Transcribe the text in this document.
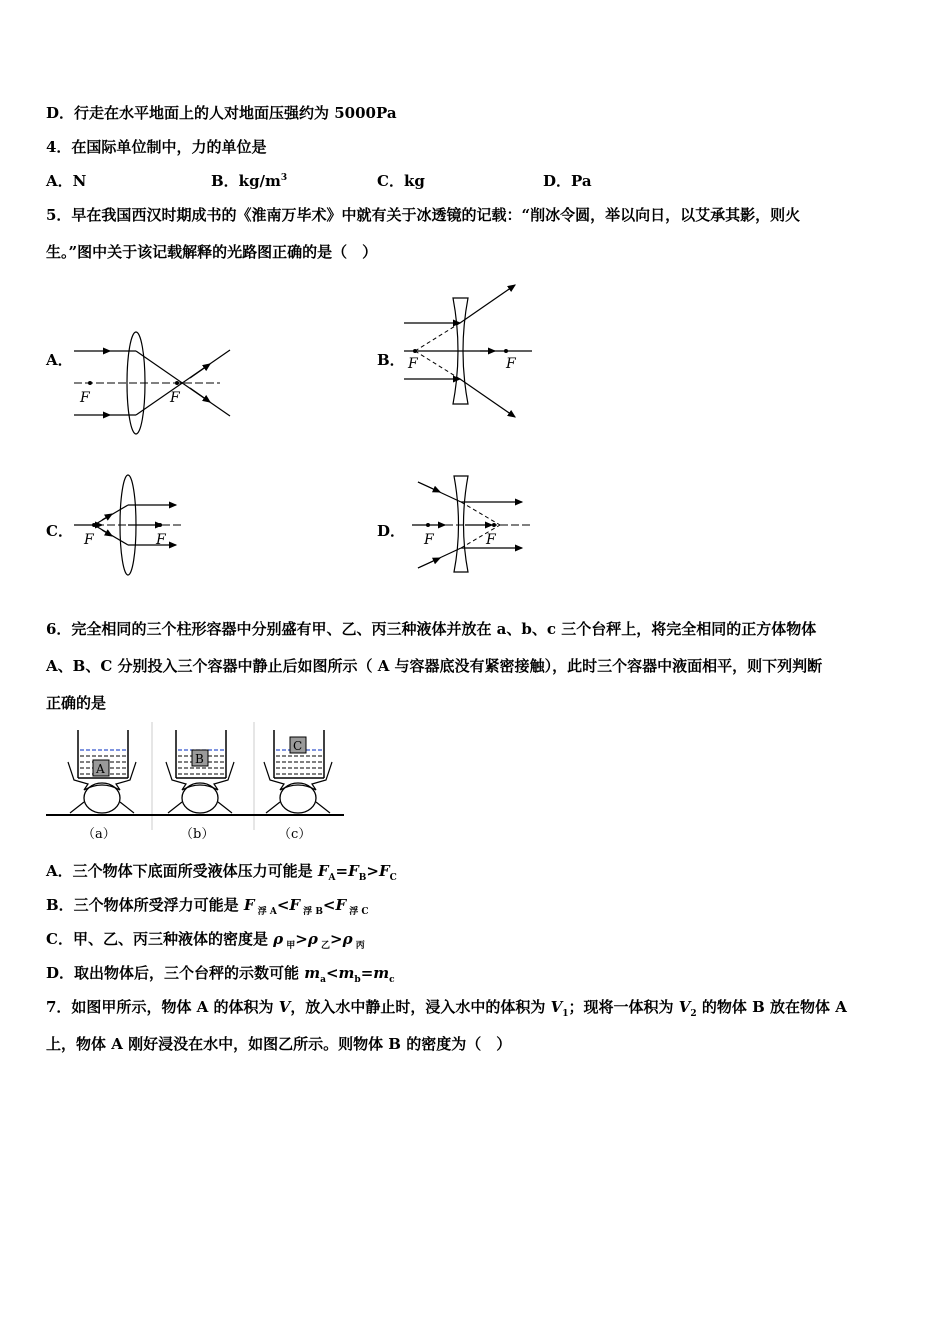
D．行走在水平地面上的人对地面压强约为 5000Pa
4．在国际单位制中，力的单位是
A．N	B．$kg/m^3$	C．kg	D．Pa
5．早在我国西汉时期成书的《淮南万毕术》中就有关于冰透镜的记载：“削冰令圆，举以向日，以艾承其影，则火
生。”图中关于该记载解释的光路图正确的是（　）
A．
F	F
B． F	F
C． F	F	D． F	F
6．完全相同的三个柱形容器中分别盛有甲、乙、丙三种液体并放在 a、b、c 三个台秤上，将完全相同的正方体物体
A、B、C 分别投入三个容器中静止后如图所示（ A 与容器底没有紧密接触），此时三个容器中液面相平，则下列判断
正确的是
A
B
C
（a）	（b）	（c）
A．三个物体下底面所受液体压力可能是 $F_A=F_B>F_C$
B．三个物体所受浮力可能是 F $_{浮 A}$<F $_{浮 B}$<F $_{浮 C}$
C．甲、乙、丙三种液体的密度是 ρ $_甲$>ρ $_乙$>ρ $_丙$
D．取出物体后，三个台秤的示数可能 $m_a<m_b=m_c$
7．如图甲所示，物体 A 的体积为 V，放入水中静止时，浸入水中的体积为 $V_1$；现将一体积为 $V_2$ 的物体 B 放在物体 A
上，物体 A 刚好浸没在水中，如图乙所示。则物体 B 的密度为（　）
